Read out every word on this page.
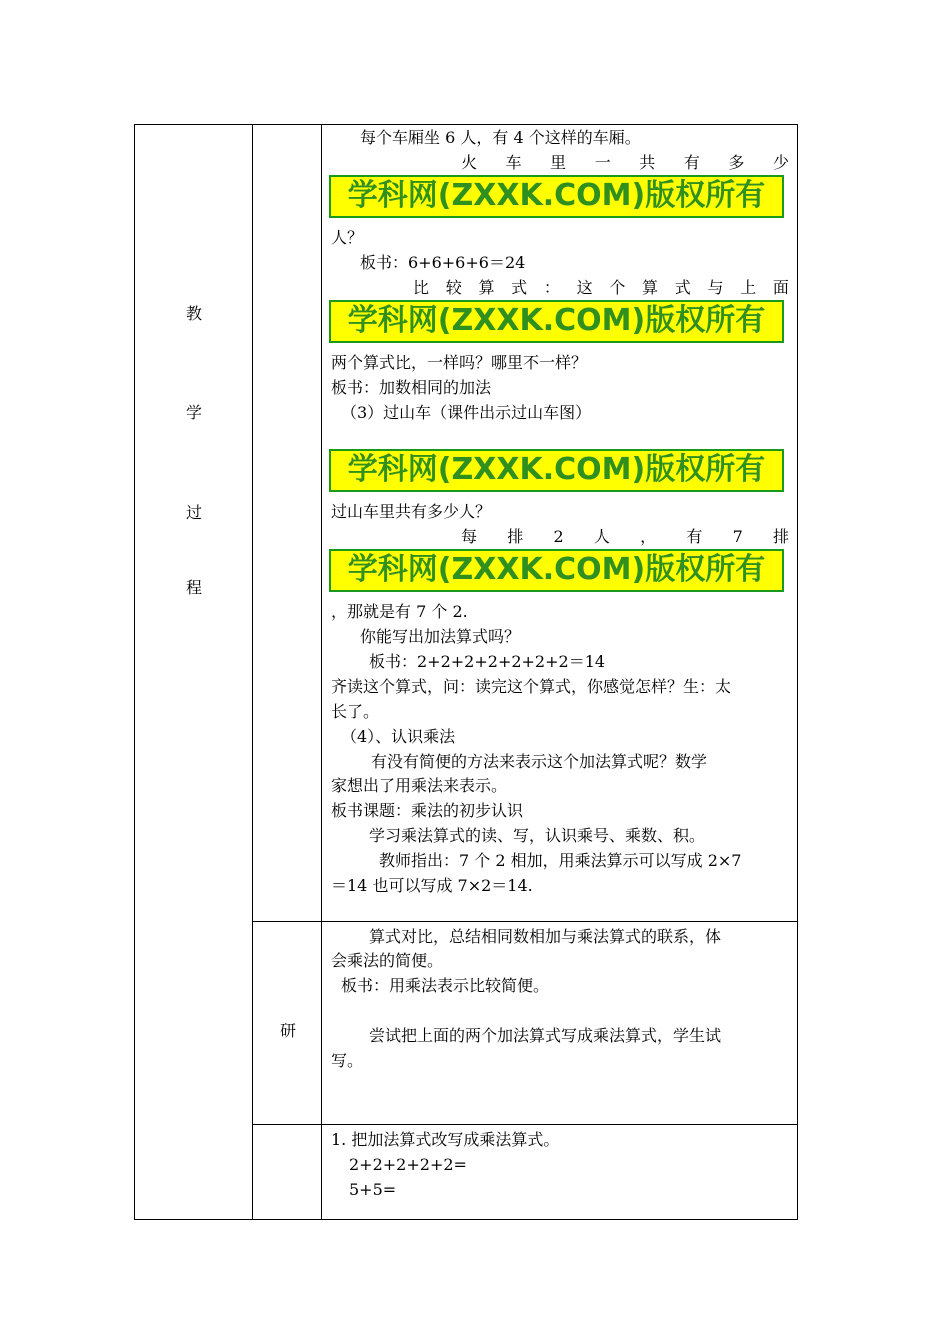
教
学
过
程
研
学科网(ZXXK.COM)版权所有
学科网(ZXXK.COM)版权所有
学科网(ZXXK.COM)版权所有
学科网(ZXXK.COM)版权所有
每个车厢坐 6 人，有 4 个这样的车厢。
火 车 里 一 共 有 多 少
人？
板书：6+6+6+6＝24
比 较 算 式 ： 这 个 算 式 与 上 面
两个算式比，一样吗？哪里不一样？
板书：加数相同的加法
（3）过山车（课件出示过山车图）
过山车里共有多少人？
每 排 2 人 ， 有 7 排
，那就是有 7 个 2.
你能写出加法算式吗？
板书：2+2+2+2+2+2+2＝14
齐读这个算式，问：读完这个算式，你感觉怎样？生：太
长了。
（4）、认识乘法
有没有简便的方法来表示这个加法算式呢？数学
家想出了用乘法来表示。
板书课题：乘法的初步认识
学习乘法算式的读、写，认识乘号、乘数、积。
教师指出：7 个 2 相加，用乘法算示可以写成 2×7
＝14 也可以写成 7×2＝14.
算式对比，总结相同数相加与乘法算式的联系，体
会乘法的简便。
板书：用乘法表示比较简便。
尝试把上面的两个加法算式写成乘法算式，学生试
写。
1. 把加法算式改写成乘法算式。
2+2+2+2+2=
5+5=
